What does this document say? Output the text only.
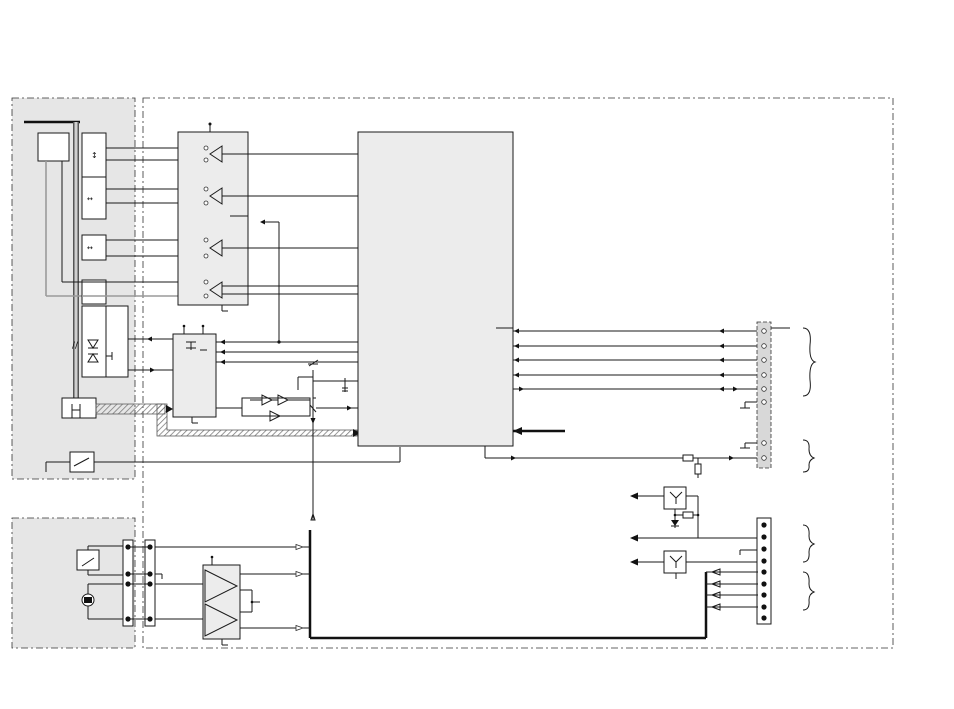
//
↕
↔
↔
